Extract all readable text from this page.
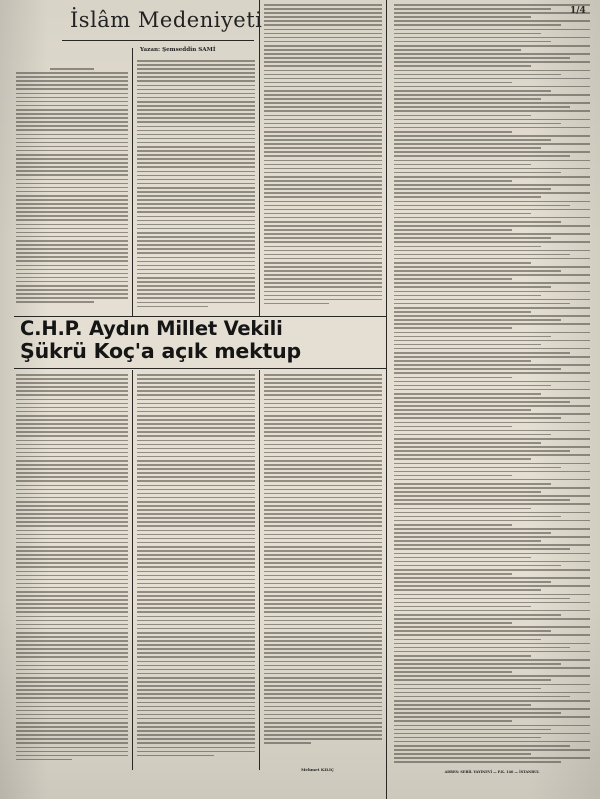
İslâm Medeniyeti
Yazan: Şemseddin SAMİ
C.H.P. Aydın Millet Vekili
Şükrü Koç'a açık mektup
Mehmet KILIÇ
1/4
ADRES: SEBİL YAYINEVİ — P.K. 146 — İSTANBUL
